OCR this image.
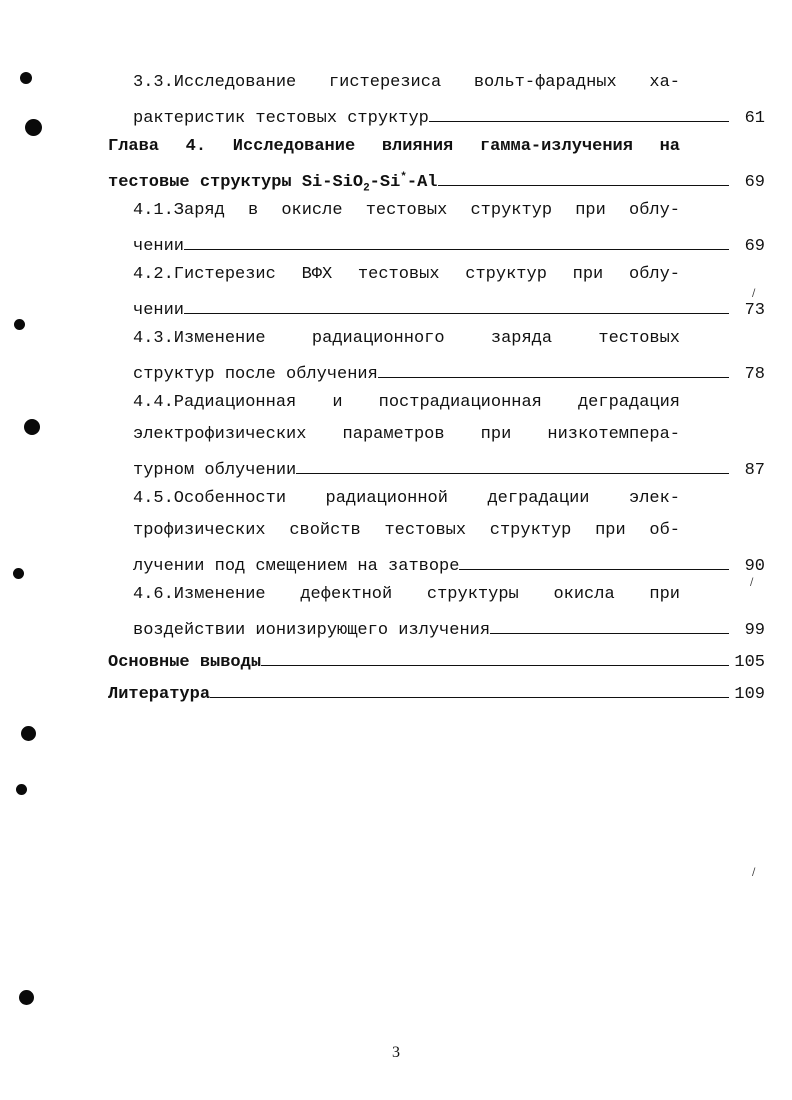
/
/
/
3.3.Исследование гистерезиса вольт-фарадных ха-
рактеристик тестовых структур	61
Глава 4. Исследование влияния гамма-излучения на
тестовые структуры Si-SiO$_2$-Si*-Al	69
4.1.Заряд в окисле тестовых структур при облу-
чении	69
4.2.Гистерезис ВФХ тестовых структур при облу-
чении	73
4.3.Изменение радиационного заряда тестовых
структур после облучения	78
4.4.Радиационная и пострадиационная деградация
электрофизических параметров при низкотемпера-
турном облучении	87
4.5.Особенности радиационной деградации элек-
трофизических свойств тестовых структур при об-
лучении под смещением на затворе	90
4.6.Изменение дефектной структуры окисла при
воздействии ионизирующего излучения	99
Основные выводы	105
Литература	109
3
